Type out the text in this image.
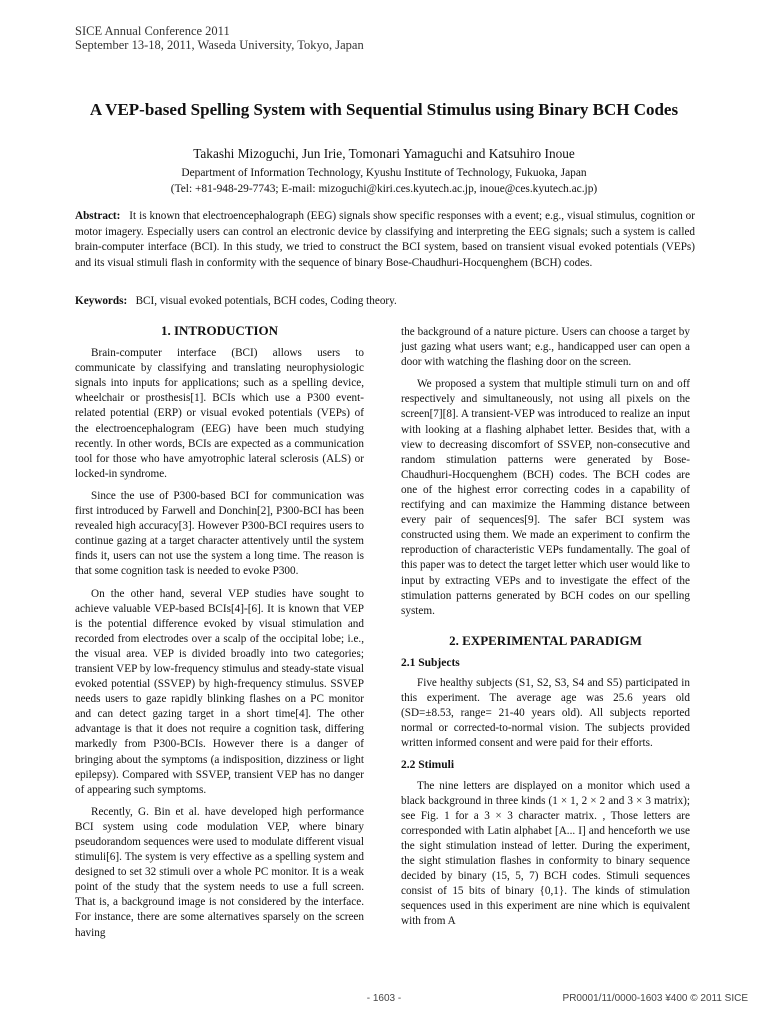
SICE Annual Conference 2011
September 13-18, 2011, Waseda University, Tokyo, Japan
A VEP-based Spelling System with Sequential Stimulus using Binary BCH Codes
Takashi Mizoguchi, Jun Irie, Tomonari Yamaguchi and Katsuhiro Inoue
Department of Information Technology, Kyushu Institute of Technology, Fukuoka, Japan
(Tel: +81-948-29-7743; E-mail: mizoguchi@kiri.ces.kyutech.ac.jp, inoue@ces.kyutech.ac.jp)
Abstract: It is known that electroencephalograph (EEG) signals show specific responses with a event; e.g., visual stimulus, cognition or motor imagery. Especially users can control an electronic device by classifying and interpreting the EEG signals; such a system is called brain-computer interface (BCI). In this study, we tried to construct the BCI system, based on transient visual evoked potentials (VEPs) and its visual stimuli flash in conformity with the sequence of binary Bose-Chaudhuri-Hocquenghem (BCH) codes.
Keywords: BCI, visual evoked potentials, BCH codes, Coding theory.
1. INTRODUCTION

Brain-computer interface (BCI) allows users to communicate by classifying and translating neurophysiologic signals into inputs for applications; such as a spelling device, wheelchair or prosthesis[1]. BCIs which use a P300 event-related potential (ERP) or visual evoked potentials (VEPs) of the electroencephalogram (EEG) have been much studying recently. In other words, BCIs are expected as a communication tool for those who have amyotrophic lateral sclerosis (ALS) or locked-in syndrome.

Since the use of P300-based BCI for communication was first introduced by Farwell and Donchin[2], P300-BCI has been revealed high accuracy[3]. However P300-BCI requires users to continue gazing at a target character attentively until the system finds it, users can not use the system a long time. The reason is that some cognition task is needed to evoke P300.

On the other hand, several VEP studies have sought to achieve valuable VEP-based BCIs[4]-[6]. It is known that VEP is the potential difference evoked by visual stimulation and recorded from electrodes over a scalp of the occipital lobe; i.e., the visual area. VEP is divided broadly into two categories; transient VEP by low-frequency stimulus and steady-state visual evoked potential (SSVEP) by high-frequency stimulus. SSVEP needs users to gaze rapidly blinking flashes on a PC monitor and can detect gazing target in a short time[4]. The other advantage is that it does not require a cognition task, differing markedly from P300-BCIs. However there is a danger of bringing about the symptoms (a indisposition, dizziness or light epilepsy). Compared with SSVEP, transient VEP has no danger of appearing such symptoms.

Recently, G. Bin et al. have developed high performance BCI system using code modulation VEP, where binary pseudorandom sequences were used to modulate different visual stimuli[6]. The system is very effective as a spelling system and designed to set 32 stimuli over a whole PC monitor. It is a weak point of the study that the system needs to use a full screen. That is, a background image is not considered by the interface. For instance, there are some alternatives sparsely on the screen having

the background of a nature picture. Users can choose a target by just gazing what users want; e.g., handicapped user can open a door with watching the flashing door on the screen.

We proposed a system that multiple stimuli turn on and off respectively and simultaneously, not using all pixels on the screen[7][8]. A transient-VEP was introduced to realize an input with looking at a flashing alphabet letter. Besides that, with a view to decreasing discomfort of SSVEP, non-consecutive and random stimulation patterns were generated by Bose-Chaudhuri-Hocquenghem (BCH) codes. The BCH codes are one of the highest error correcting codes in a capability of rectifying and can maximize the Hamming distance between every pair of sequences[9]. The safer BCI system was constructed using them. We made an experiment to confirm the reproduction of characteristic VEPs fundamentally. The goal of this paper was to detect the target letter which user would like to input by extracting VEPs and to investigate the effect of the stimulation patterns generated by BCH codes on our spelling system.

2. EXPERIMENTAL PARADIGM
2.1 Subjects

Five healthy subjects (S1, S2, S3, S4 and S5) participated in this experiment. The average age was 25.6 years old (SD=±8.53, range= 21-40 years old). All subjects reported normal or corrected-to-normal vision. The subjects provided written informed consent and were paid for their efforts.

2.2 Stimuli

The nine letters are displayed on a monitor which used a black background in three kinds (1 × 1, 2 × 2 and 3 × 3 matrix); see Fig. 1 for a 3 × 3 character matrix. , Those letters are corresponded with Latin alphabet [A... I] and henceforth we use the sight stimulation instead of letter. During the experiment, the sight stimulation flashes in conformity to binary sequence decided by binary (15, 5, 7) BCH codes. Stimuli sequences consist of 15 bits of binary {0,1}. The kinds of stimulation sequences used in this experiment are nine which is equivalent with from A

- 1603 -	PR0001/11/0000-1603 ¥400 © 2011 SICE
